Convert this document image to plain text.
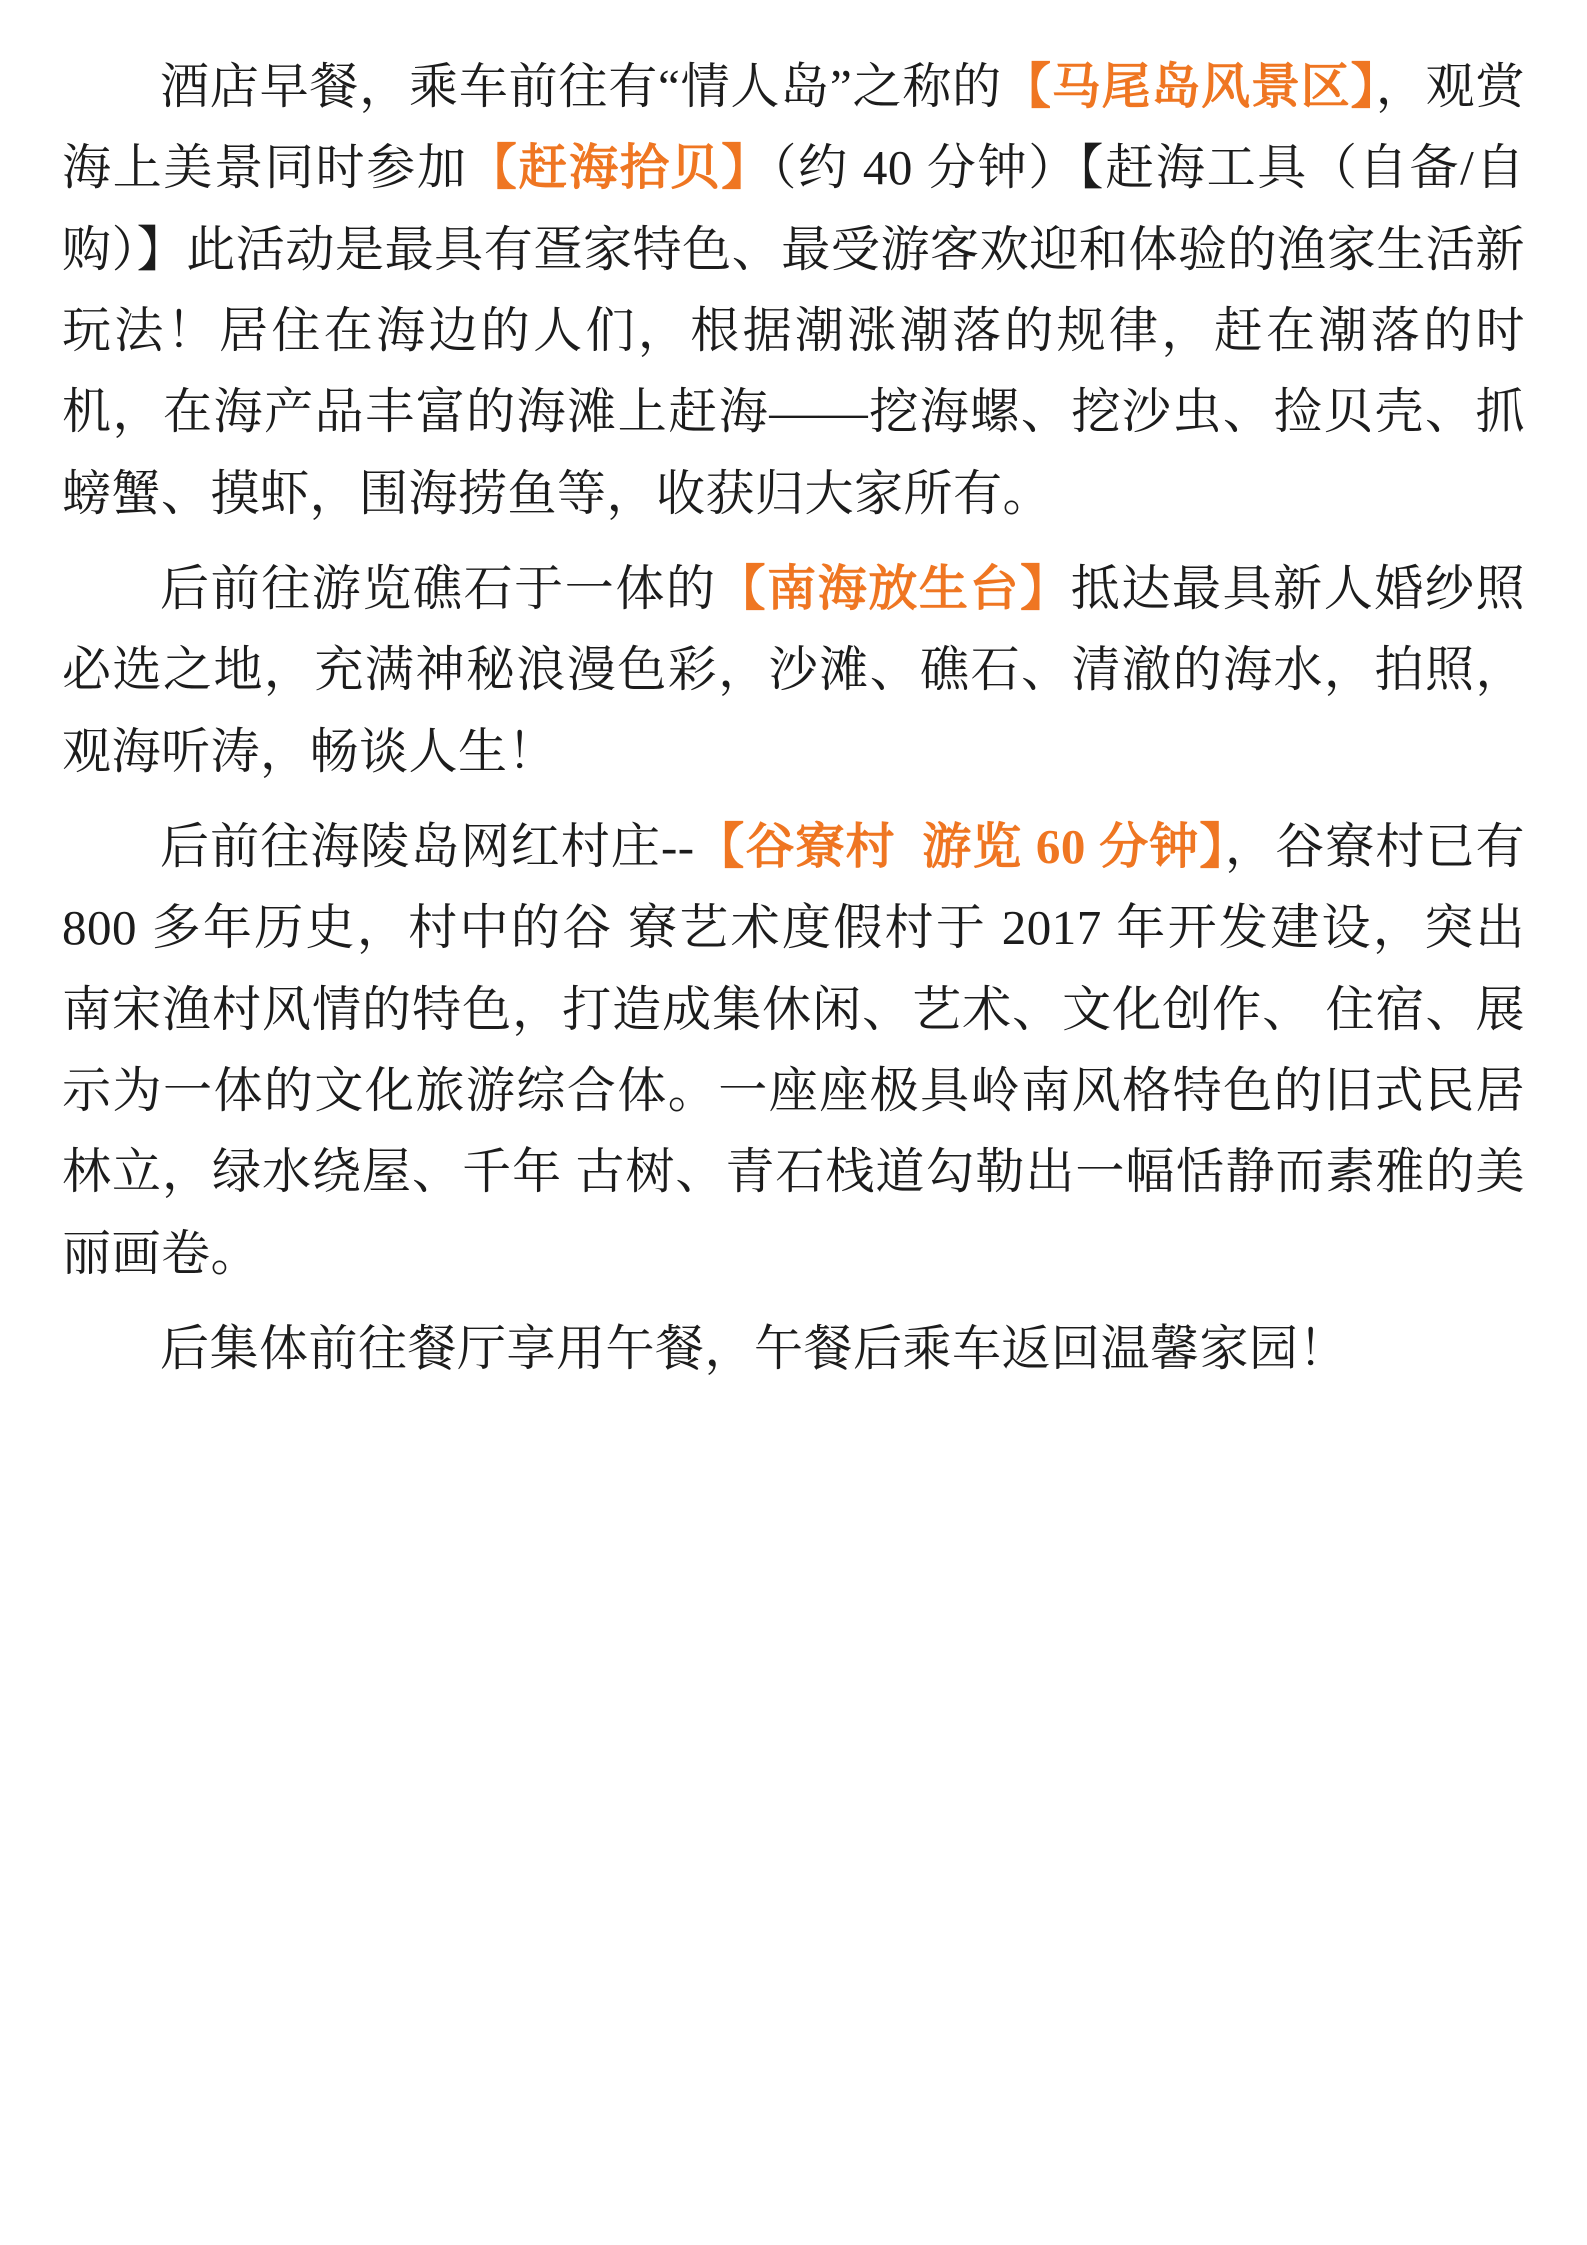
酒店早餐，乘车前往有“情人岛”之称的【马尾岛风景区】，观赏海上美景同时参加【赶海拾贝】（约 40 分钟）【赶海工具（自备/自购）】此活动是最具有疍家特色、最受游客欢迎和体验的渔家生活新玩法！居住在海边的人们，根据潮涨潮落的规律，赶在潮落的时机，在海产品丰富的海滩上赶海——挖海螺、挖沙虫、捡贝壳、抓螃蟹、摸虾，围海捞鱼等，收获归大家所有。

后前往游览礁石于一体的【南海放生台】抵达最具新人婚纱照必选之地，充满神秘浪漫色彩，沙滩、礁石、清澈的海水，拍照，观海听涛，畅谈人生！

后前往海陵岛网红村庄--【谷寮村  游览 60 分钟】，谷寮村已有 800 多年历史，村中的谷 寮艺术度假村于 2017 年开发建设，突出南宋渔村风情的特色，打造成集休闲、艺术、文化创作、 住宿、展示为一体的文化旅游综合体。一座座极具岭南风格特色的旧式民居林立，绿水绕屋、千年 古树、青石栈道勾勒出一幅恬静而素雅的美丽画卷。

后集体前往餐厅享用午餐，午餐后乘车返回温馨家园！
